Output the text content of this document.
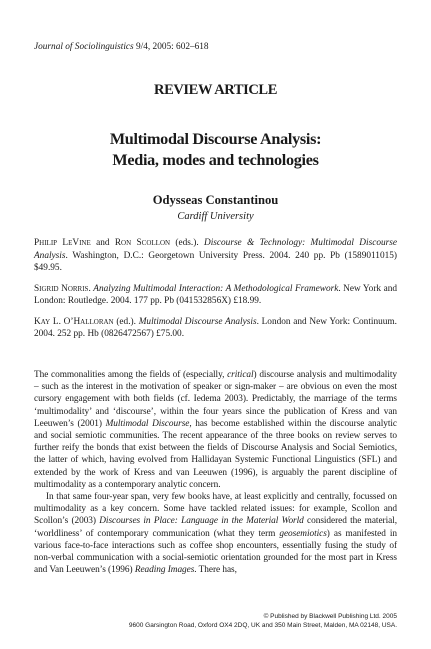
Journal of Sociolinguistics 9/4, 2005: 602–618
REVIEW ARTICLE
Multimodal Discourse Analysis:
Media, modes and technologies
Odysseas Constantinou
Cardiff University

Philip LeVine and Ron Scollon (eds.). Discourse & Technology: Multimodal Discourse Analysis. Washington, D.C.: Georgetown University Press. 2004. 240 pp. Pb (1589011015) $49.95.

Sigrid Norris. Analyzing Multimodal Interaction: A Methodological Framework. New York and London: Routledge. 2004. 177 pp. Pb (041532856X) £18.99.

Kay L. O’Halloran (ed.). Multimodal Discourse Analysis. London and New York: Continuum. 2004. 252 pp. Hb (0826472567) £75.00.

The commonalities among the fields of (especially, critical) discourse analysis and multimodality – such as the interest in the motivation of speaker or sign-maker – are obvious on even the most cursory engagement with both fields (cf. Iedema 2003). Predictably, the marriage of the terms ‘multimodality’ and ‘discourse’, within the four years since the publication of Kress and van Leeuwen’s (2001) Multimodal Discourse, has become established within the discourse analytic and social semiotic communities. The recent appearance of the three books on review serves to further reify the bonds that exist between the fields of Discourse Analysis and Social Semiotics, the latter of which, having evolved from Hallidayan Systemic Functional Linguistics (SFL) and extended by the work of Kress and van Leeuwen (1996), is arguably the parent discipline of multimodality as a contemporary analytic concern.

In that same four-year span, very few books have, at least explicitly and centrally, focussed on multimodality as a key concern. Some have tackled related issues: for example, Scollon and Scollon’s (2003) Discourses in Place: Language in the Material World considered the material, ‘worldliness’ of contemporary communication (what they term geosemiotics) as manifested in various face-to-face interactions such as coffee shop encounters, essentially fusing the study of non-verbal communication with a social-semiotic orientation grounded for the most part in Kress and Van Leeuwen’s (1996) Reading Images. There has,

© Published by Blackwell Publishing Ltd. 2005
9600 Garsington Road, Oxford OX4 2DQ, UK and 350 Main Street, Malden, MA 02148, USA.
